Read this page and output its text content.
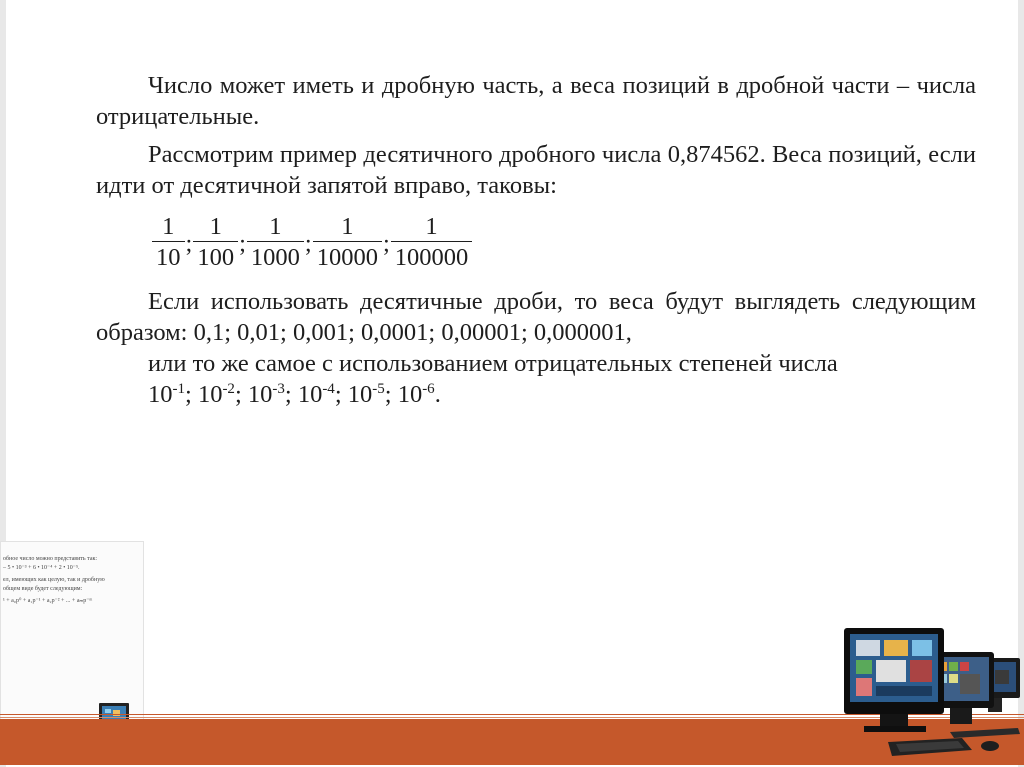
Число может иметь и дробную часть, а веса позиций в дробной части – числа отрицательные.

Рассмотрим пример десятичного дробного числа 0,874562. Веса позиций, если идти от десятичной запятой вправо, таковы:

$\frac{1}{10}$ ; $\frac{1}{100}$ ; $\frac{1}{1000}$ ; $\frac{1}{10000}$ ; $\frac{1}{100000}$

Если использовать десятичные дроби, то веса будут выглядеть следующим образом: 0,1; 0,01; 0,001; 0,0001; 0,00001; 0,000001,

или то же самое с использованием отрицательных степеней числа

$10^{-1}$; $10^{-2}$; $10^{-3}$; $10^{-4}$; $10^{-5}$; $10^{-6}$.

обное число можно представить так:
– 5 • 10⁻³ + 6 • 10⁻⁴ + 2 • 10⁻⁵.
ел, имеющих как целую, так и дробную
общем виде будет следующим:
¹ + a₀p⁰ + a₁p⁻¹ + a₂p⁻² + ... + aₘp⁻ᵐ
